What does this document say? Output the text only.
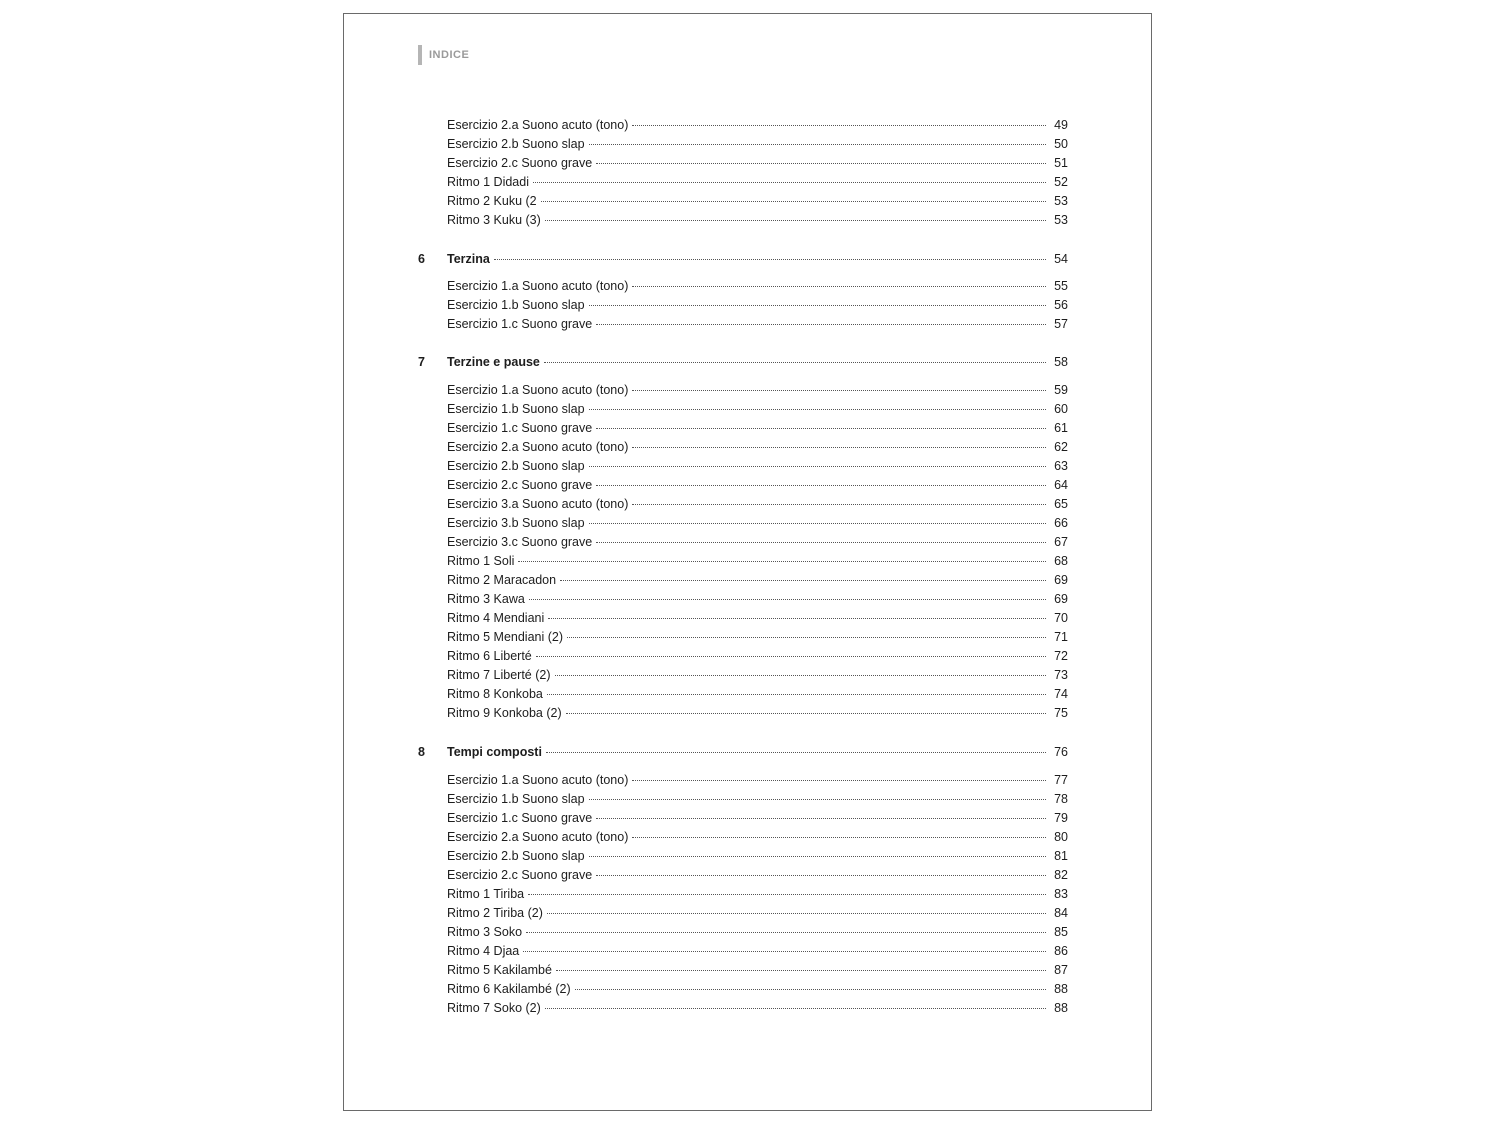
INDICE
Esercizio 2.a Suono acuto (tono)	49
Esercizio 2.b Suono slap	50
Esercizio 2.c Suono grave	51
Ritmo 1 Didadi	52
Ritmo 2 Kuku (2	53
Ritmo 3 Kuku (3)	53
6	Terzina	54
Esercizio 1.a Suono acuto (tono)	55
Esercizio 1.b Suono slap	56
Esercizio 1.c Suono grave	57
7	Terzine e pause	58
Esercizio 1.a Suono acuto (tono)	59
Esercizio 1.b Suono slap	60
Esercizio 1.c Suono grave	61
Esercizio 2.a Suono acuto (tono)	62
Esercizio 2.b Suono slap	63
Esercizio 2.c Suono grave	64
Esercizio 3.a Suono acuto (tono)	65
Esercizio 3.b Suono slap	66
Esercizio 3.c Suono grave	67
Ritmo 1 Soli	68
Ritmo 2 Maracadon	69
Ritmo 3 Kawa	69
Ritmo 4 Mendiani	70
Ritmo 5 Mendiani (2)	71
Ritmo 6 Liberté	72
Ritmo 7 Liberté (2)	73
Ritmo 8 Konkoba	74
Ritmo 9 Konkoba (2)	75
8	Tempi composti	76
Esercizio 1.a Suono acuto (tono)	77
Esercizio 1.b Suono slap	78
Esercizio 1.c Suono grave	79
Esercizio 2.a Suono acuto (tono)	80
Esercizio 2.b Suono slap	81
Esercizio 2.c Suono grave	82
Ritmo 1 Tiriba	83
Ritmo 2 Tiriba (2)	84
Ritmo 3 Soko	85
Ritmo 4 Djaa	86
Ritmo 5 Kakilambé	87
Ritmo 6 Kakilambé (2)	88
Ritmo 7 Soko (2)	88
